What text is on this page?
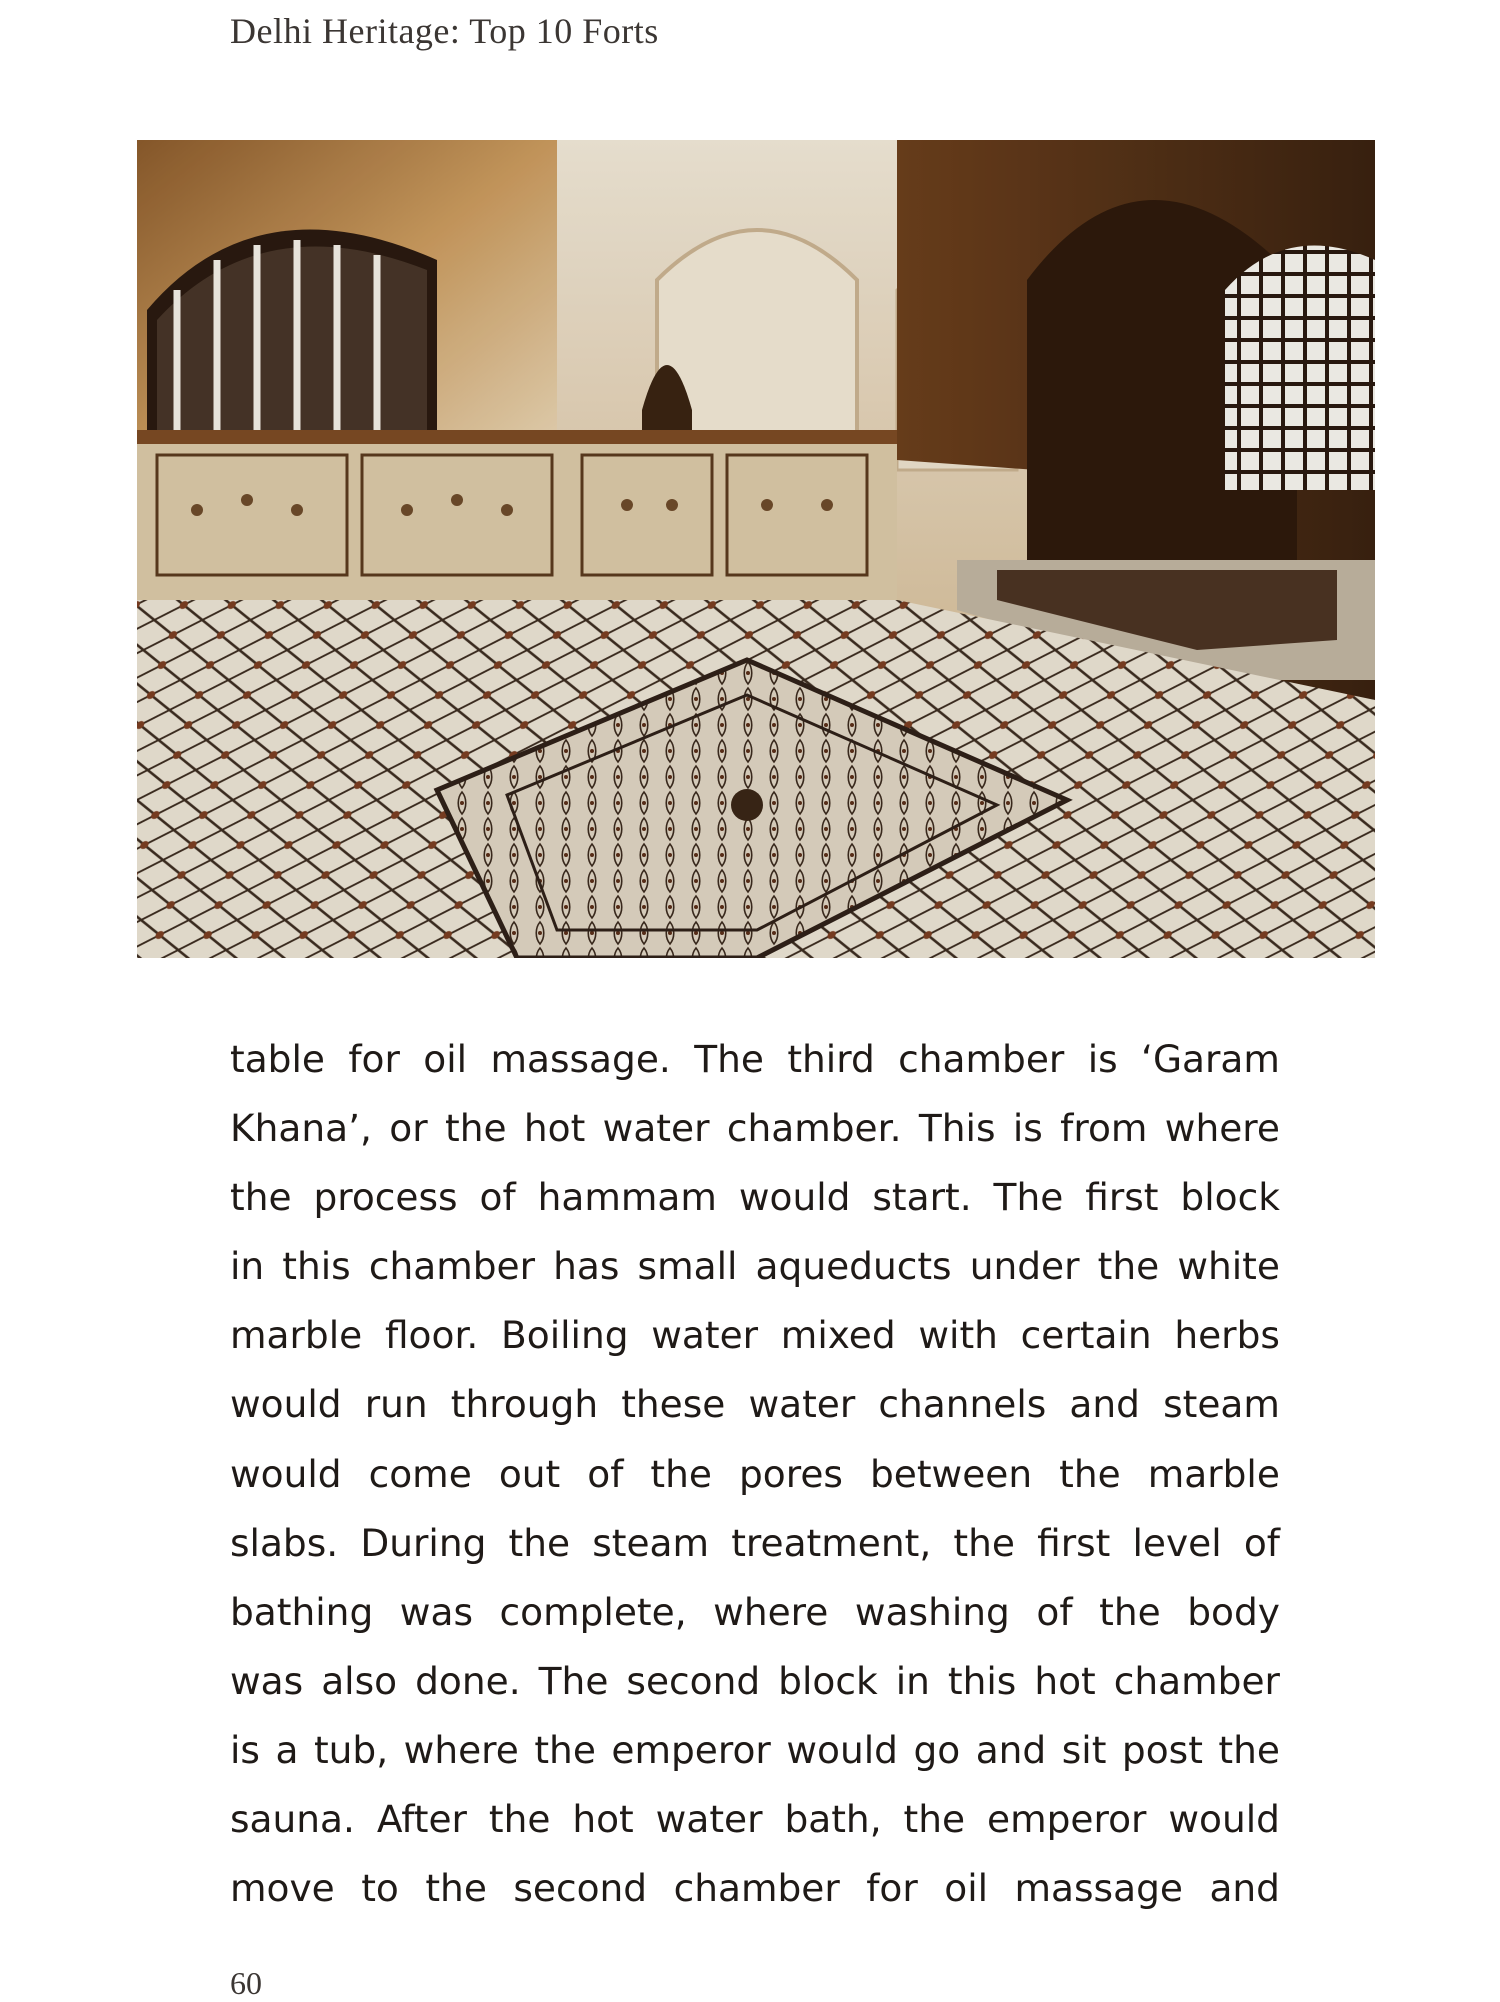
Delhi Heritage: Top 10 Forts

table for oil massage. The third chamber is ‘Garam

Khana’, or the hot water chamber. This is from where

the process of hammam would start. The first block

in this chamber has small aqueducts under the white

marble floor. Boiling water mixed with certain herbs

would run through these water channels and steam

would come out of the pores between the marble

slabs. During the steam treatment, the first level of

bathing was complete, where washing of the body

was also done. The second block in this hot chamber

is a tub, where the emperor would go and sit post the

sauna. After the hot water bath, the emperor would

move to the second chamber for oil massage and

60
